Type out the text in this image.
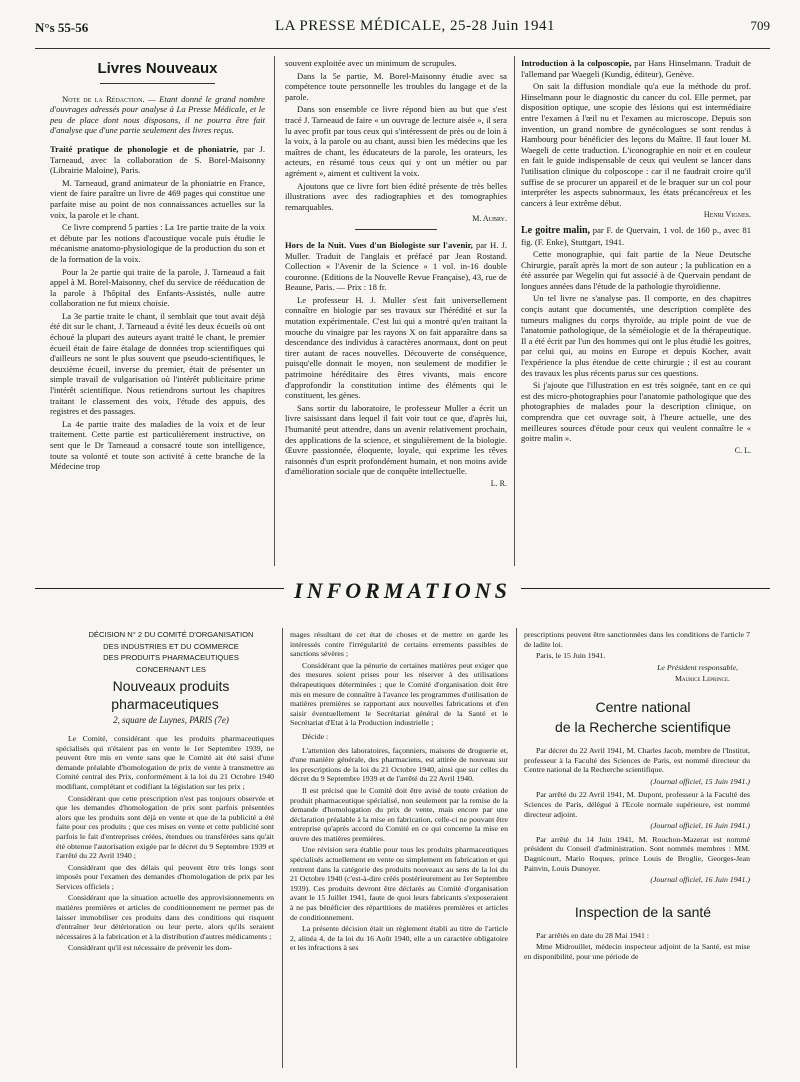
N°s 55-56	LA PRESSE MÉDICALE, 25-28 Juin 1941	709
Livres Nouveaux

Note de la Rédaction. — Etant donné le grand nombre d'ouvrages adressés pour analyse à La Presse Médicale, et le peu de place dont nous disposons, il ne pourra être fait d'analyse que d'une partie seulement des livres reçus.

Traité pratique de phonologie et de phoniatrie, par J. Tarneaud, avec la collaboration de S. Borel-Maisonny (Librairie Maloine), Paris.

M. Tarneaud, grand animateur de la phoniatrie en France, vient de faire paraître un livre de 469 pages qui constitue une parfaite mise au point de nos connaissances actuelles sur la voix, la parole et le chant.

Ce livre comprend 5 parties : La 1re partie traite de la voix et débute par les notions d'acoustique vocale puis étudie le mécanisme anatomo-physiologique de la production du son et de la formation de la voix.

Pour la 2e partie qui traite de la parole, J. Tarneaud a fait appel à M. Borel-Maisonny, chef du service de rééducation de la parole à l'hôpital des Enfants-Assistés, nulle autre collaboration ne fut mieux choisie.

La 3e partie traite le chant, il semblait que tout avait déjà été dit sur le chant, J. Tarneaud a évité les deux écueils où ont échoué la plupart des auteurs ayant traité le chant, le premier écueil était de faire étalage de données trop scientifiques qui d'ailleurs ne sont le plus souvent que pseudo-scientifiques, le deuxième écueil, inverse du premier, était de présenter un simple travail de vulgarisation où l'intérêt publicitaire prime l'intérêt scientifique. Nous retiendrons surtout les chapitres traitant le classement des voix, l'étude des appuis, des registres et des passages.

La 4e partie traite des maladies de la voix et de leur traitement. Cette partie est particulièrement instructive, on sent que le Dr Tarneaud a consacré toute son intelligence, toute sa volonté et toute son activité à cette branche de la Médecine trop

souvent exploitée avec un minimum de scrupules.

Dans la 5e partie, M. Borel-Maisonny étudie avec sa compétence toute personnelle les troubles du langage et de la parole.

Dans son ensemble ce livre répond bien au but que s'est tracé J. Tarneaud de faire « un ouvrage de lecture aisée », il sera lu avec profit par tous ceux qui s'intéressent de près ou de loin à la voix, à la parole ou au chant, aussi bien les médecins que les maîtres de chant, les éducateurs de la parole, les orateurs, les acteurs, en résumé tous ceux qui y ont un métier ou par agrément », aiment et cultivent la voix.

Ajoutons que ce livre fort bien édité présente de très belles illustrations avec des radiographies et des tomographies remarquables.

M. Aubry.

Hors de la Nuit. Vues d'un Biologiste sur l'avenir, par H. J. Muller. Traduit de l'anglais et préfacé par Jean Rostand. Collection « l'Avenir de la Science » 1 vol. in-16 double couronne. (Editions de la Nouvelle Revue Française), 43, rue de Beaune, Paris. — Prix : 18 fr.

Le professeur H. J. Muller s'est fait universellement connaître en biologie par ses travaux sur l'hérédité et sur la mutation expérimentale. C'est lui qui a montré qu'en traitant la mouche du vinaigre par les rayons X on fait apparaître dans sa descendance des individus à caractères anormaux, dont on peut tirer autant de races nouvelles. Découverte de conséquence, puisqu'elle donnait le moyen, non seulement de modifier le patrimoine héréditaire des êtres vivants, mais encore d'approfondir la constitution intime des éléments qui le constituent, les gènes.

Sans sortir du laboratoire, le professeur Muller a écrit un livre saisissant dans lequel il fait voir tout ce que, d'après lui, l'humanité peut attendre, dans un avenir relativement prochain, des applications de la science, et singulièrement de la biologie. Œuvre passionnée, éloquente, loyale, qui exprime les rêves raisonnés d'un esprit profondément humain, et non moins avide d'amélioration sociale que de conquête intellectuelle.

L. R.

Introduction à la colposcopie, par Hans Hinselmann. Traduit de l'allemand par Waegeli (Kundig, éditeur), Genève.

On sait la diffusion mondiale qu'a eue la méthode du prof. Hinselmann pour le diagnostic du cancer du col. Elle permet, par disposition optique, une scopie des lésions qui est intermédiaire entre l'examen à l'œil nu et l'examen au microscope. Depuis son invention, un grand nombre de gynécologues se sont rendus à Hambourg pour bénéficier des leçons du Maître. Il faut louer M. Waegeli de cette traduction. L'iconographie en noir et en couleur en fait le guide indispensable de ceux qui veulent se lancer dans l'utilisation clinique du colposcope : car il ne faudrait croire qu'il suffise de se procurer un appareil et de le braquer sur un col pour interpréter les aspects subnormaux, les états précancéreux et les cancers à leur extrême début.

Henri Vignes.

Le goitre malin, par F. de Quervain, 1 vol. de 160 p., avec 81 fig. (F. Enke), Stuttgart, 1941.

Cette monographie, qui fait partie de la Neue Deutsche Chirurgie, paraît après la mort de son auteur ; la publication en a été assurée par Wegelin qui fut associé à de Quervain pendant de longues années dans l'étude de la pathologie thyroïdienne.

Un tel livre ne s'analyse pas. Il comporte, en des chapitres conçis autant que documentés, une description complète des tumeurs malignes du corps thyroïde, au triple point de vue de l'anatomie pathologique, de la séméiologie et de la thérapeutique. Il a été écrit par l'un des hommes qui ont le plus étudié les goitres, par celui qui, au moins en Europe et depuis Kocher, avait l'expérience la plus étendue de cette chirurgie ; il est au courant des travaux les plus récents parus sur ces questions.

Si j'ajoute que l'illustration en est très soignée, tant en ce qui est des micro-photographies pour l'anatomie pathologique que des photographies de malades pour la description clinique, on comprendra que cet ouvrage soit, à l'heure actuelle, une des meilleures sources d'étude pour ceux qui veulent connaître le « goitre malin ».

C. L.

INFORMATIONS

DÉCISION N° 2 DU COMITÉ D'ORGANISATION

DES INDUSTRIES ET DU COMMERCE

DES PRODUITS PHARMACEUTIQUES

CONCERNANT LES

Nouveaux produits pharmaceutiques

2, square de Luynes, PARIS (7e)

Le Comité, considérant que les produits pharmaceutiques spécialisés qui n'étaient pas en vente le 1er Septembre 1939, ne peuvent être mis en vente sans que le Comité ait été saisi d'une demande préalable d'homologation de prix de vente à transmettre au Comité central des Prix, conformément à la loi du 21 Octobre 1940 modifiant, complétant et codifiant la législation sur les prix ;

Considérant que cette prescription n'est pas toujours observée et que les demandes d'homologation de prix sont parfois présentées alors que les produits sont déjà en vente et que de la publicité a été faite pour ces produits ; que ces mises en vente et cette publicité sont parfois le fait d'entreprises créées, étendues ou transférées sans qu'ait été obtenue l'autorisation exigée par le décret du 9 Septembre 1939 et l'arrêté du 22 Avril 1940 ;

Considérant que des délais qui peuvent être très longs sont imposés pour l'examen des demandes d'homologation de prix par les Services officiels ;

Considérant que la situation actuelle des approvisionnements en matières premières et articles de conditionnement ne permet pas de laisser immobiliser ces produits dans des conditions qui risquent d'entraîner leur détérioration ou leur perte, alors qu'ils seraient nécessaires à la fabrication et à la distribution d'autres médicaments ;

Considérant qu'il est nécessaire de prévenir les dom-

mages résultant de cet état de choses et de mettre en garde les intéressés contre l'irrégularité de certains errements passibles de sanctions sévères ;

Considérant que la pénurie de certaines matières peut exiger que des mesures soient prises pour les réserver à des utilisations thérapeutiques déterminées ; que le Comité d'organisation doit être mis en mesure de connaître à l'avance les programmes d'utilisation de matières premières se rapportant aux nouvelles fabrications et d'en saisir éventuellement le Secrétariat général de la Santé et le Secrétariat d'Etat à la Production industrielle ;

Décide :

L'attention des laboratoires, façonniers, maisons de droguerie et, d'une manière générale, des pharmaciens, est attirée de nouveau sur les prescriptions de la loi du 21 Octobre 1940, ainsi que sur celles du décret du 9 Septembre 1939 et de l'arrêté du 22 Avril 1940.

Il est précisé que le Comité doit être avisé de toute création de produit pharmaceutique spécialisé, non seulement par la remise de la demande d'homologation du prix de vente, mais encore par une déclaration préalable à la mise en fabrication, celle-ci ne pouvant être entreprise qu'après accord du Comité en ce qui concerne la mise en œuvre des matières premières.

Une révision sera établie pour tous les produits pharmaceutiques spécialisés actuellement en vente ou simplement en fabrication et qui rentrent dans la catégorie des produits nouveaux au sens de la loi du 21 Octobre 1940 (c'est-à-dire créés postérieurement au 1er Septembre 1939). Ces produits devront être déclarés au Comité d'organisation avant le 15 Juillet 1941, faute de quoi leurs fabricants s'exposeraient à ne pas bénéficier des répartitions de matières premières et articles de conditionnement.

La présente décision était un règlement établi au titre de l'article 2, alinéa 4, de la loi du 16 Août 1940, elle a un caractère obligatoire et les infractions à ses

prescriptions peuvent être sanctionnées dans les conditions de l'article 7 de ladite loi.

Paris, le 15 Juin 1941.

Le Président responsable,

Maurice Leprince.

Centre national

de la Recherche scientifique

Par décret du 22 Avril 1941, M. Charles Jacob, membre de l'Institut, professeur à la Faculté des Sciences de Paris, est nommé directeur du Centre national de la Recherche scientifique.

(Journal officiel, 15 Juin 1941.)

Par arrêté du 22 Avril 1941, M. Dupont, professeur à la Faculté des Sciences de Paris, délégué à l'Ecole normale supérieure, est nommé directeur adjoint.

(Journal officiel, 16 Juin 1941.)

Par arrêté du 14 Juin 1941, M. Rouchon-Mazerat est nommé président du Conseil d'administration. Sont nommés membres : MM. Dagnicourt, Mario Roques, prince Louis de Broglie, Georges-Jean Painvin, Louis Dunoyer.

(Journal officiel, 16 Juin 1941.)

Inspection de la santé

Par arrêtés en date du 28 Mai 1941 :

Mme Midrouillet, médecin inspecteur adjoint de la Santé, est mise en disponibilité, pour une période de
